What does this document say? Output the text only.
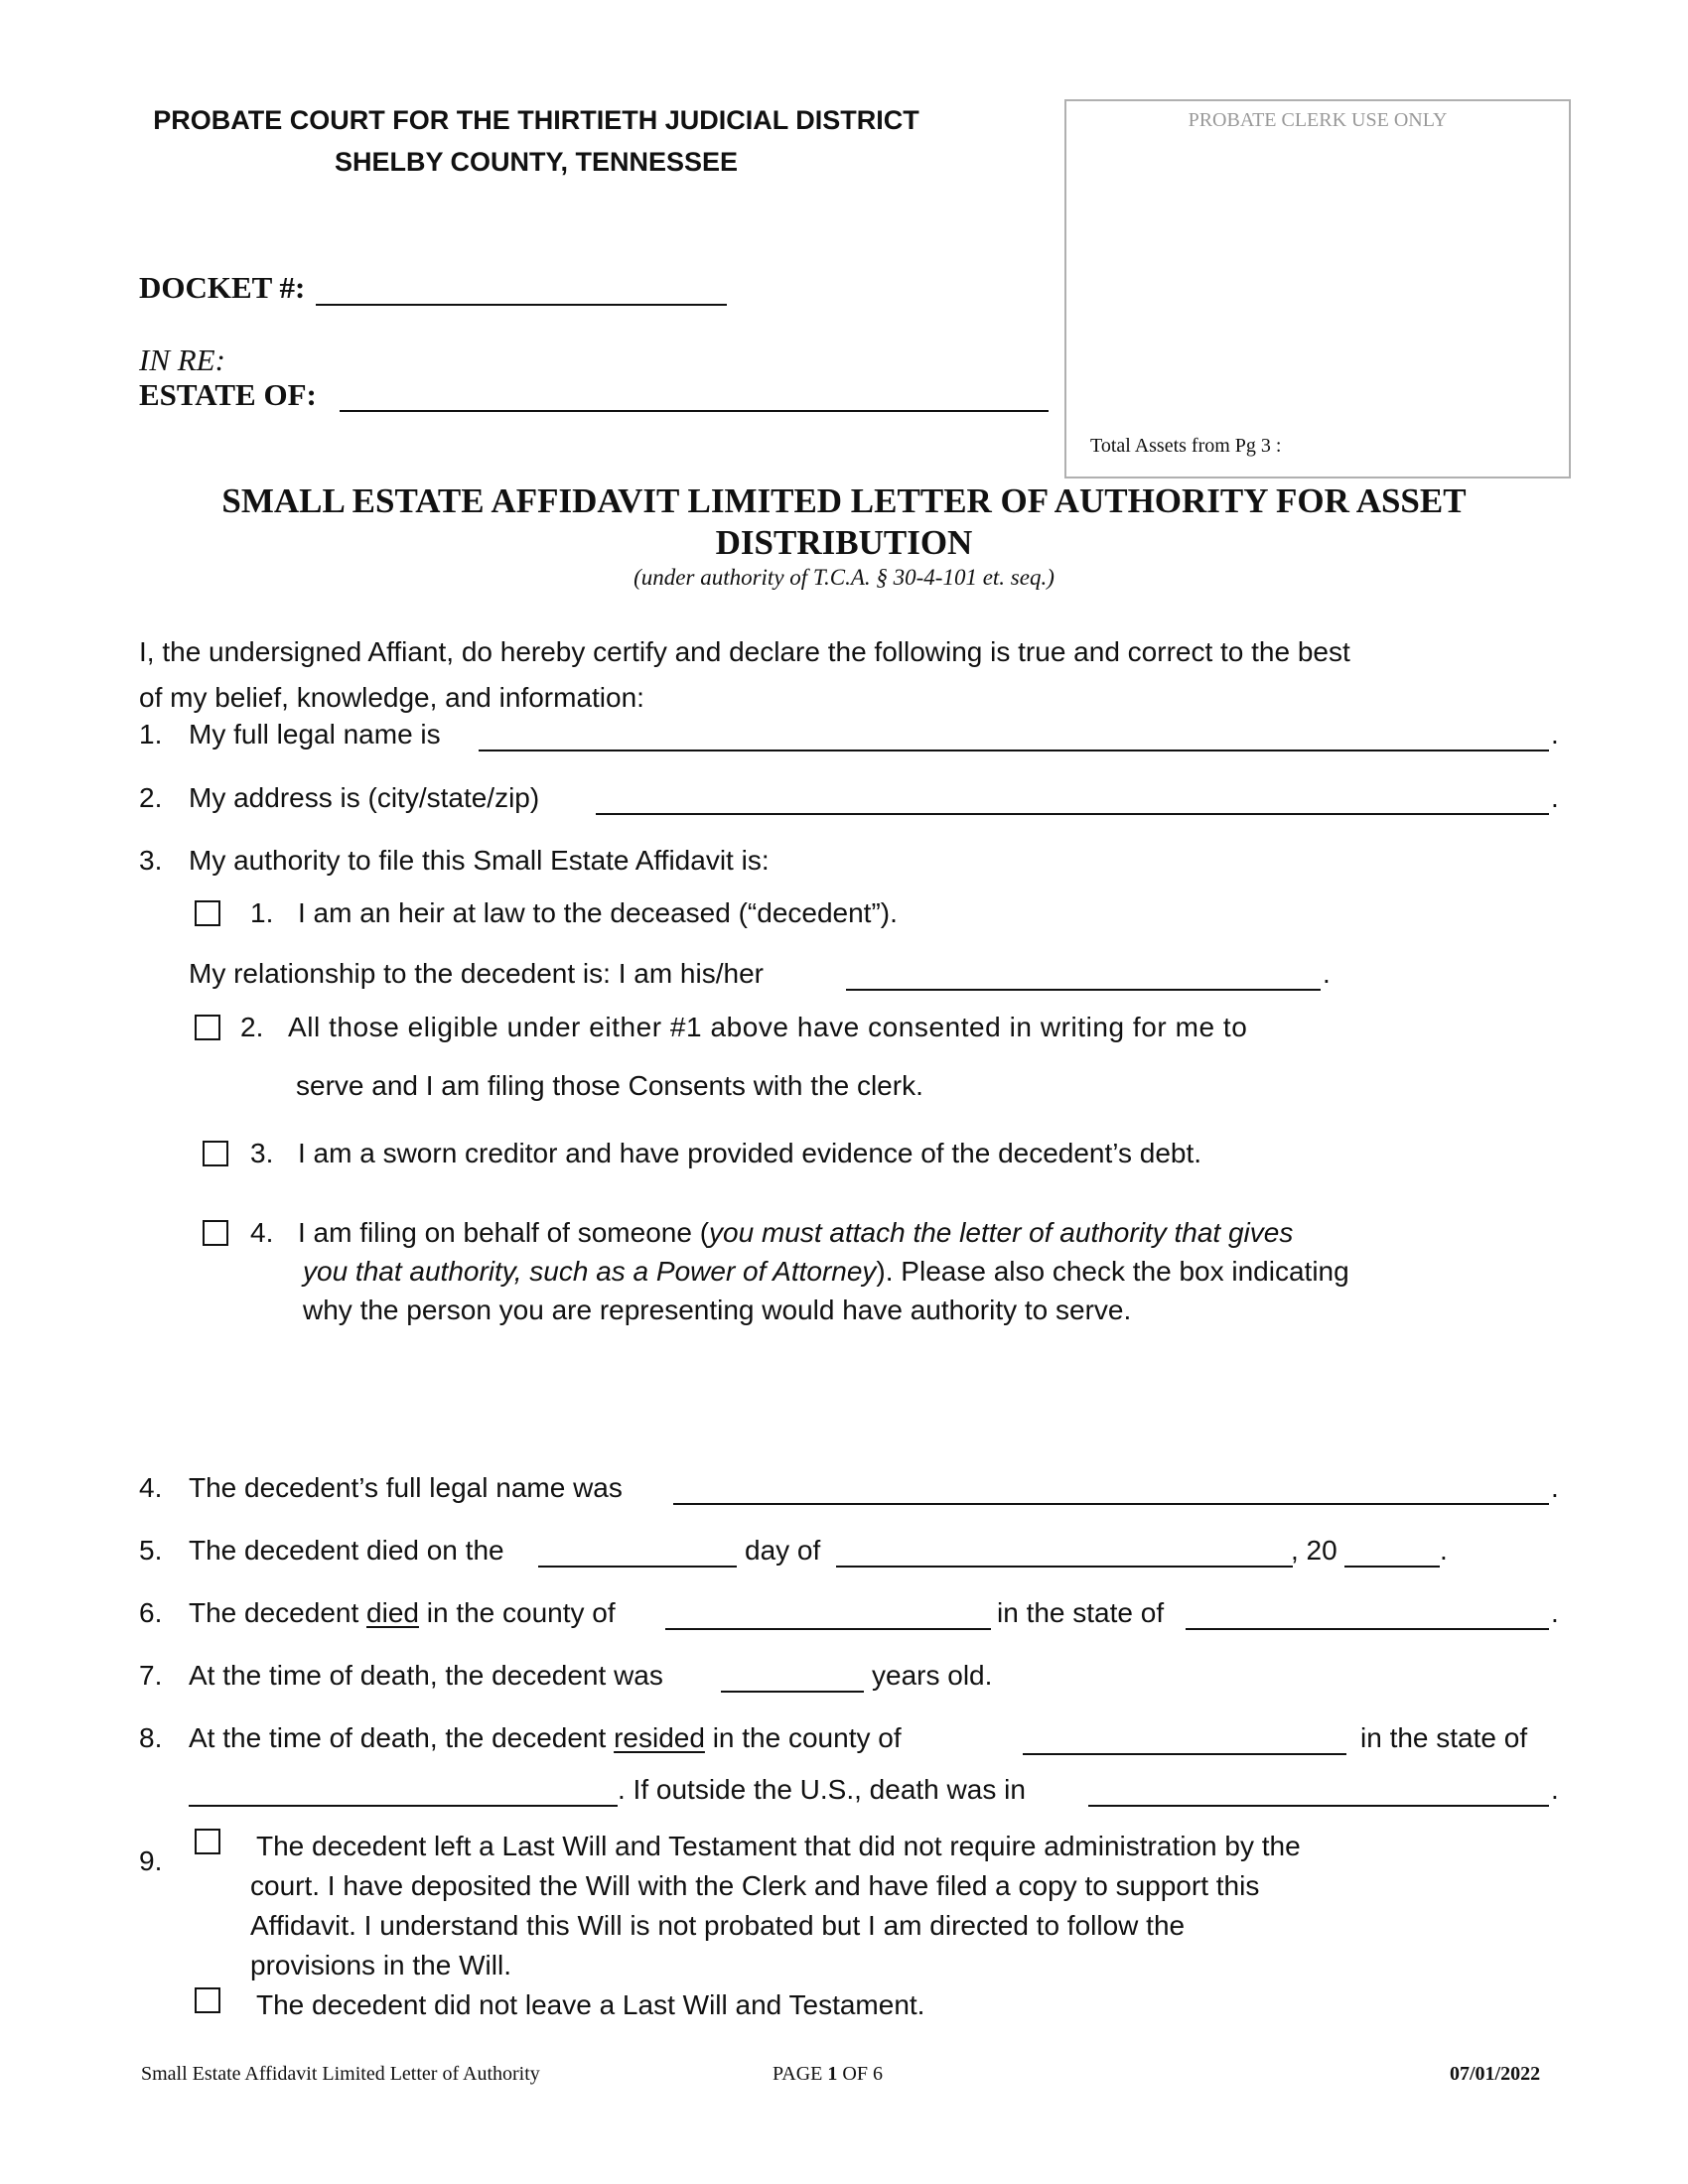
PROBATE COURT FOR THE THIRTIETH JUDICIAL DISTRICT
SHELBY COUNTY, TENNESSEE
PROBATE CLERK USE ONLY
Total Assets from Pg 3 :
DOCKET #:
IN RE:
ESTATE OF:
SMALL ESTATE AFFIDAVIT LIMITED LETTER OF AUTHORITY FOR ASSET
DISTRIBUTION
(under authority of T.C.A. § 30-4-101 et. seq.)
I, the undersigned Affiant, do hereby certify and declare the following is true and correct to the best
of my belief, knowledge, and information:
1. My full legal name is	.
2. My address is (city/state/zip)	.
3. My authority to file this Small Estate Affidavit is:
1. I am an heir at law to the deceased (“decedent”).
My relationship to the decedent is: I am his/her	.
2. All those eligible under either #1 above have consented in writing for me to
serve and I am filing those Consents with the clerk.
3. I am a sworn creditor and have provided evidence of the decedent’s debt.
4. I am filing on behalf of someone (you must attach the letter of authority that gives
you that authority, such as a Power of Attorney). Please also check the box indicating
why the person you are representing would have authority to serve.
4. The decedent’s full legal name was	.
5. The decedent died on the	day of	, 20	.
6. The decedent died in the county of	in the state of	.
7. At the time of death, the decedent was	years old.
8. At the time of death, the decedent resided in the county of	in the state of
. If outside the U.S., death was in	.
9.	The decedent left a Last Will and Testament that did not require administration by the
court. I have deposited the Will with the Clerk and have filed a copy to support this
Affidavit. I understand this Will is not probated but I am directed to follow the
provisions in the Will.
The decedent did not leave a Last Will and Testament.
Small Estate Affidavit Limited Letter of Authority	PAGE 1 OF 6	07/01/2022
